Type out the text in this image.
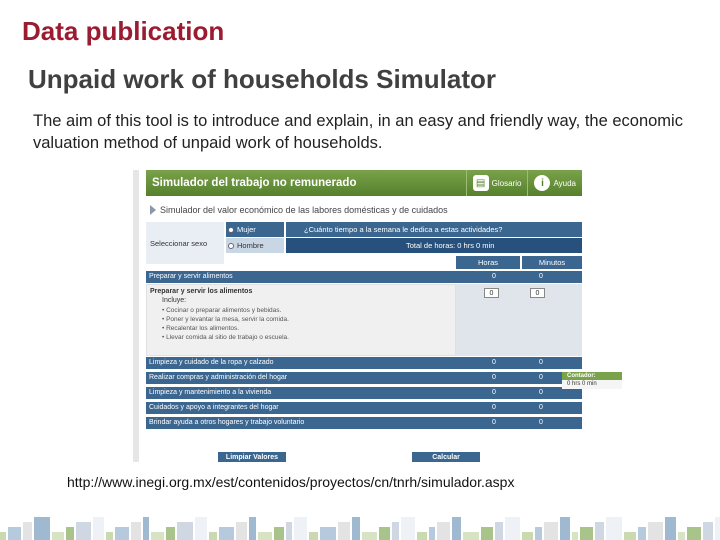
Data publication
Unpaid work of households Simulator
The aim of this tool is to introduce and explain, in an easy and friendly way, the economic valuation method of unpaid work of households.
Simulador del trabajo no remunerado	▤ Glosario	i	Ayuda
Simulador del valor económico de las labores domésticas y de cuidados
Seleccionar sexo
Mujer
Hombre
¿Cuánto tiempo a la semana le dedica a estas actividades?
Total de horas: 0 hrs 0 min
Horas	Minutos
Preparar y servir alimentos	0	0
Preparar y servir los alimentos
Incluye:
• Cocinar o preparar alimentos y bebidas.
• Poner y levantar la mesa, servir la comida.
• Recalentar los alimentos.
• Llevar comida al sitio de trabajo o escuela.
0	0
Limpieza y cuidado de la ropa y calzado	0	0
Realizar compras y administración del hogar	0	0
Limpieza y mantenimiento a la vivienda	0	0
Cuidados y apoyo a integrantes del hogar	0	0
Brindar ayuda a otros hogares y trabajo voluntario	0	0
Limpiar Valores	Calcular
Contador:
0 hrs 0 min
http://www.inegi.org.mx/est/contenidos/proyectos/cn/tnrh/simulador.aspx
